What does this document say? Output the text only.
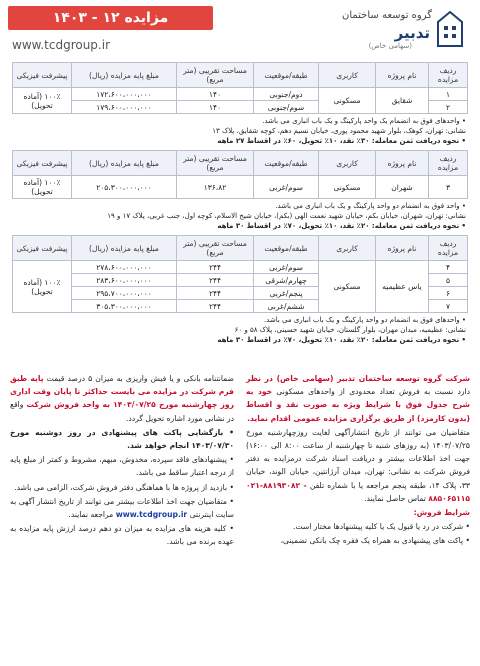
مزایده ۱۲ - ۱۴۰۳
www.tcdgroup.ir
گروه توسعه ساختمان
تدبیر
(سهامی خاص)
ردیف مزایده	نام پروژه	کاربری	طبقه/موقعیت	مساحت تقریبی (متر مربع)	مبلغ پایه مزایده (ریال)	پیشرفت فیزیکی
۱	شقایق	مسکونی	دوم/جنوبی	۱۴۰	۱۷۲،۶۰۰،۰۰۰،۰۰۰	۱۰۰٪ (آماده تحویل)
۲			سوم/جنوبی	۱۴۰	۱۷۹،۶۰۰،۰۰۰،۰۰۰	
• واحدهای فوق به انضمام یک واحد پارکینگ و یک باب انباری می باشد.
نشانی: تهران، کوهک، بلوار شهید محمود پوری، خیابان نسیم دهم، کوچه شقایق، پلاک ۱۳
• نحوه دریافت ثمن معامله: ۳۰٪ نقد، ۱۰٪ تحویل، ۶۰٪ در اقساط ۲۷ ماهه
ردیف مزایده	نام پروژه	کاربری	طبقه/موقعیت	مساحت تقریبی (متر مربع)	مبلغ پایه مزایده (ریال)	پیشرفت فیزیکی
۳	شهران	مسکونی	سوم/غربی	۱۳۶،۸۲	۲۰۵،۳۰۰،۰۰۰،۰۰۰	۱۰۰٪ (آماده تحویل)
• واحد فوق به انضمام دو واحد پارکینگ و یک باب انباری می باشد.
نشانی: تهران، شهران، خیابان بکم، خیابان شهید نعمت الهی (بکم)، خیابان شیخ الاسلام، کوچه اول، جنب غربی، پلاک ۱۷ و ۱۹
• نحوه دریافت ثمن معامله: ۲۰٪ نقد، ۱۰٪ تحویل، ۷۰٪ در اقساط ۳۰ ماهه
ردیف مزایده	نام پروژه	کاربری	طبقه/موقعیت	مساحت تقریبی (متر مربع)	مبلغ پایه مزایده (ریال)	پیشرفت فیزیکی
۴	یاس عظیمیه	مسکونی	سوم/غربی	۲۴۴	۲۷۸،۶۰۰،۰۰۰،۰۰۰	۱۰۰٪ (آماده تحویل)
۵			چهارم/شرقی	۲۴۴	۲۸۳،۶۰۰،۰۰۰،۰۰۰	
۶			پنجم/غربی	۲۴۴	۲۹۵،۷۰۰،۰۰۰،۰۰۰	
۷			ششم/غربی	۲۴۴	۳۰۵،۳۰۰،۰۰۰،۰۰۰	
• واحدهای فوق به انضمام دو واحد پارکینگ و یک باب انباری می باشد.
نشانی: عظیمیه، میدان مهران، بلوار گلستان، خیابان شهید حسینی، پلاک ۵۸ و ۶۰
• نحوه دریافت ثمن معامله: ۲۰٪ نقد، ۱۰٪ تحویل، ۷۰٪ در اقساط ۳۰ ماهه

شرکت گروه توسعه ساختمان تدبیر (سهامی خاص) در نظر دارد نسبت به فروش تعداد محدودی از واحدهای مسکونی خود به شرح جدول فوق با شرایط ویژه به صورت نقد و اقساط (بدون کارمزد) از طریق برگزاری مزایده عمومی اقدام نماید.

متقاضیان می توانند از تاریخ انتشارآگهی لغایت روزچهارشنبه مورخ ۱۴۰۳/۰۷/۲۵ (به روزهای شنبه تا چهارشنبه از ساعت ۸:۰۰ الی ۱۶:۰۰) جهت اخذ اطلاعات بیشتر و دریافت اسناد شرکت درمزایده به دفتر فروش شرکت به نشانی: تهران، میدان آرژانتین، خیابان الوند، خیابان ۳۳، پلاک ۱۴، طبقه پنجم مراجعه یا با شماره تلفن ۰۲۱-۸۸۱۹۳۰۸۲ - ۸۸۵۰۶۵۱۱۵ تماس حاصل نمایند.

شرایط فروش:

• شرکت در رد یا قبول یک یا کلیه پیشنهادها مختار است.

• پاکت های پیشنهادی به همراه یک فقره چک بانکی تضمینی،

ضمانتنامه بانکی و یا فیش واریزی به میزان ۵ درصد قیمت پایه طبق فرم شرکت در مزایده می بایست حداکثر تا پایان وقت اداری روز چهارشنبه مورخ ۱۴۰۳/۰۷/۲۵ به واحد فروش شرکت واقع در نشانی مورد اشاره تحویل گردد.

• بازگشایی پاکت های پیشنهادی در روز دوشنبه مورخ ۱۴۰۳/۰۷/۳۰ انجام خواهد شد.

• پیشنهادهای فاقد سپرده، مخدوش، مبهم، مشروط و کمتر از مبلغ پایه از درجه اعتبار ساقط می باشد.

• بازدید از پروژه ها با هماهنگی دفتر فروش شرکت، الزامی می باشد.

• متقاضیان جهت اخذ اطلاعات بیشتر می توانند از تاریخ انتشار آگهی به سایت اینترنتی www.tcdgroup.ir مراجعه نمایند.

• کلیه هزینه های مزایده به میزان دو دهم درصد ارزش پایه مزایده به عهده برنده می باشد.
